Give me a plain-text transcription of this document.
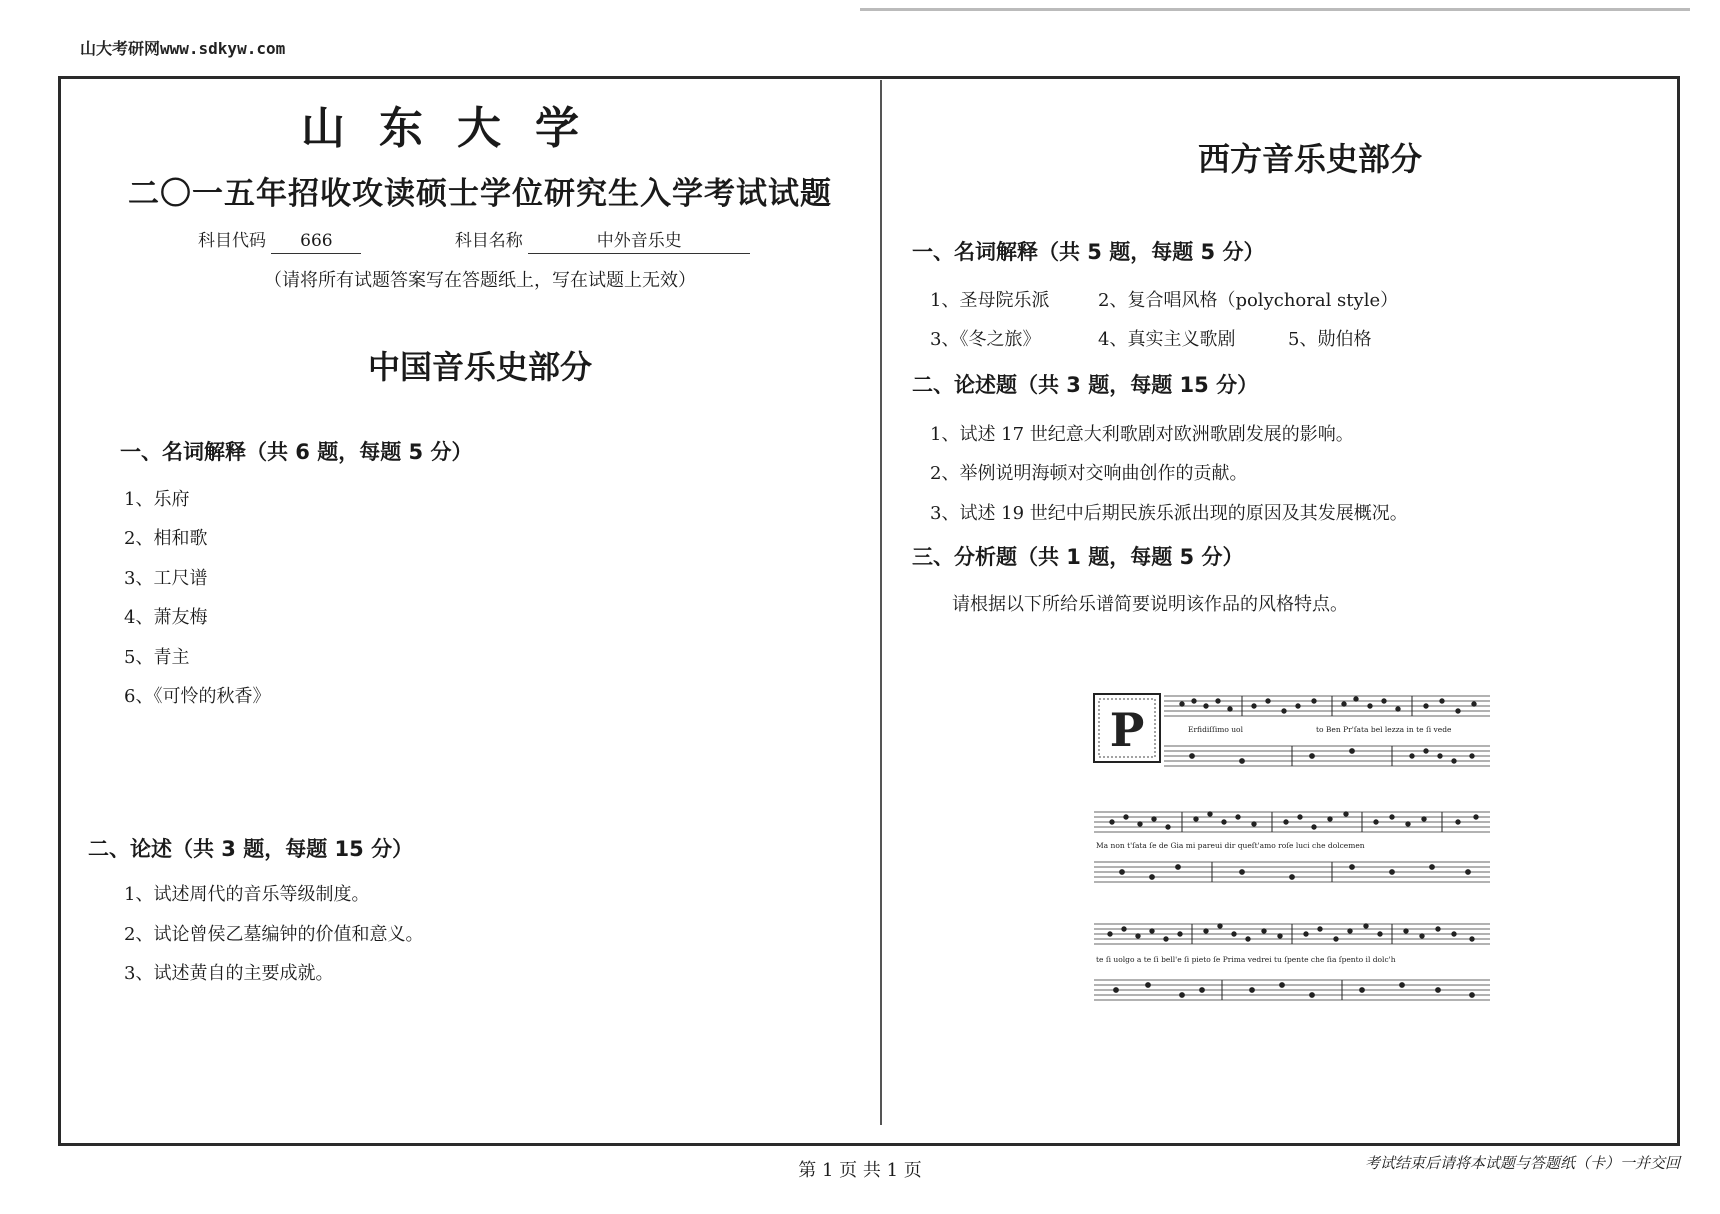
山大考研网www.sdkyw.com
山东大学
二〇一五年招收攻读硕士学位研究生入学考试试题
科目代码 666	科目名称	中外音乐史
（请将所有试题答案写在答题纸上，写在试题上无效）
中国音乐史部分
一、名词解释（共 6 题，每题 5 分）
1、乐府
2、相和歌
3、工尺谱
4、萧友梅
5、青主
6、《可怜的秋香》
二、论述（共 3 题，每题 15 分）
1、试述周代的音乐等级制度。
2、试论曾侯乙墓编钟的价值和意义。
3、试述黄自的主要成就。
西方音乐史部分
一、名词解释（共 5 题，每题 5 分）
1、圣母院乐派	2、复合唱风格（polychoral style）
3、《冬之旅》	4、真实主义歌剧	5、勋伯格
二、论述题（共 3 题，每题 15 分）
1、试述 17 世纪意大利歌剧对欧洲歌剧发展的影响。
2、举例说明海顿对交响曲创作的贡献。
3、试述 19 世纪中后期民族乐派出现的原因及其发展概况。
三、分析题（共 1 题，每题 5 分）
请根据以下所给乐谱简要说明该作品的风格特点。
P	Erfidiſſimo uol	to Ben Pr'ſata bel lezza in te ſi vede
Ma non t'ſata ſe de Gia mi pareui dir queſt'amo roſe luci che dolcemen
te ſi uolgo a te ſi bell'e ſi pieto ſe Prima vedrei tu ſpente che ſia ſpento il dolc'h
第 1 页 共 1 页	考试结束后请将本试题与答题纸（卡）一并交回
